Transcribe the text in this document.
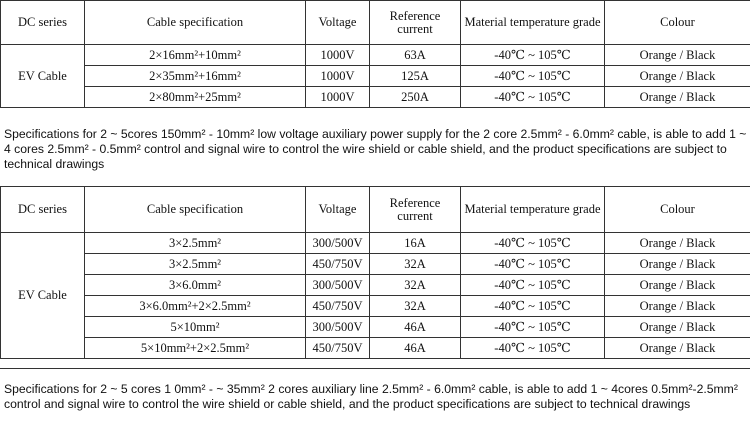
DC series	Cable specification	Voltage	Reference current	Material temperature grade	Colour
EV Cable	2×16mm²+10mm²	1000V	63A	-40℃ ~ 105℃	Orange / Black
	2×35mm²+16mm²	1000V	125A	-40℃ ~ 105℃	Orange / Black
	2×80mm²+25mm²	1000V	250A	-40℃ ~ 105℃	Orange / Black
Specifications for 2 ~ 5cores 150mm² - 10mm² low voltage auxiliary power supply for the 2 core 2.5mm² - 6.0mm² cable, is able to add 1 ~ 4 cores 2.5mm² - 0.5mm² control and signal wire to control the wire shield or cable shield, and the product specifications are subject to technical drawings
DC series	Cable specification	Voltage	Reference current	Material temperature grade	Colour
EV Cable	3×2.5mm²	300/500V	16A	-40℃ ~ 105℃	Orange / Black
	3×2.5mm²	450/750V	32A	-40℃ ~ 105℃	Orange / Black
	3×6.0mm²	300/500V	32A	-40℃ ~ 105℃	Orange / Black
	3×6.0mm²+2×2.5mm²	450/750V	32A	-40℃ ~ 105℃	Orange / Black
	5×10mm²	300/500V	46A	-40℃ ~ 105℃	Orange / Black
	5×10mm²+2×2.5mm²	450/750V	46A	-40℃ ~ 105℃	Orange / Black
Specifications for 2 ~ 5 cores 1 0mm² - ~ 35mm² 2 cores auxiliary line 2.5mm² - 6.0mm² cable, is able to add 1 ~ 4cores 0.5mm²-2.5mm² control and signal wire to control the wire shield or cable shield, and the product specifications are subject to technical drawings
